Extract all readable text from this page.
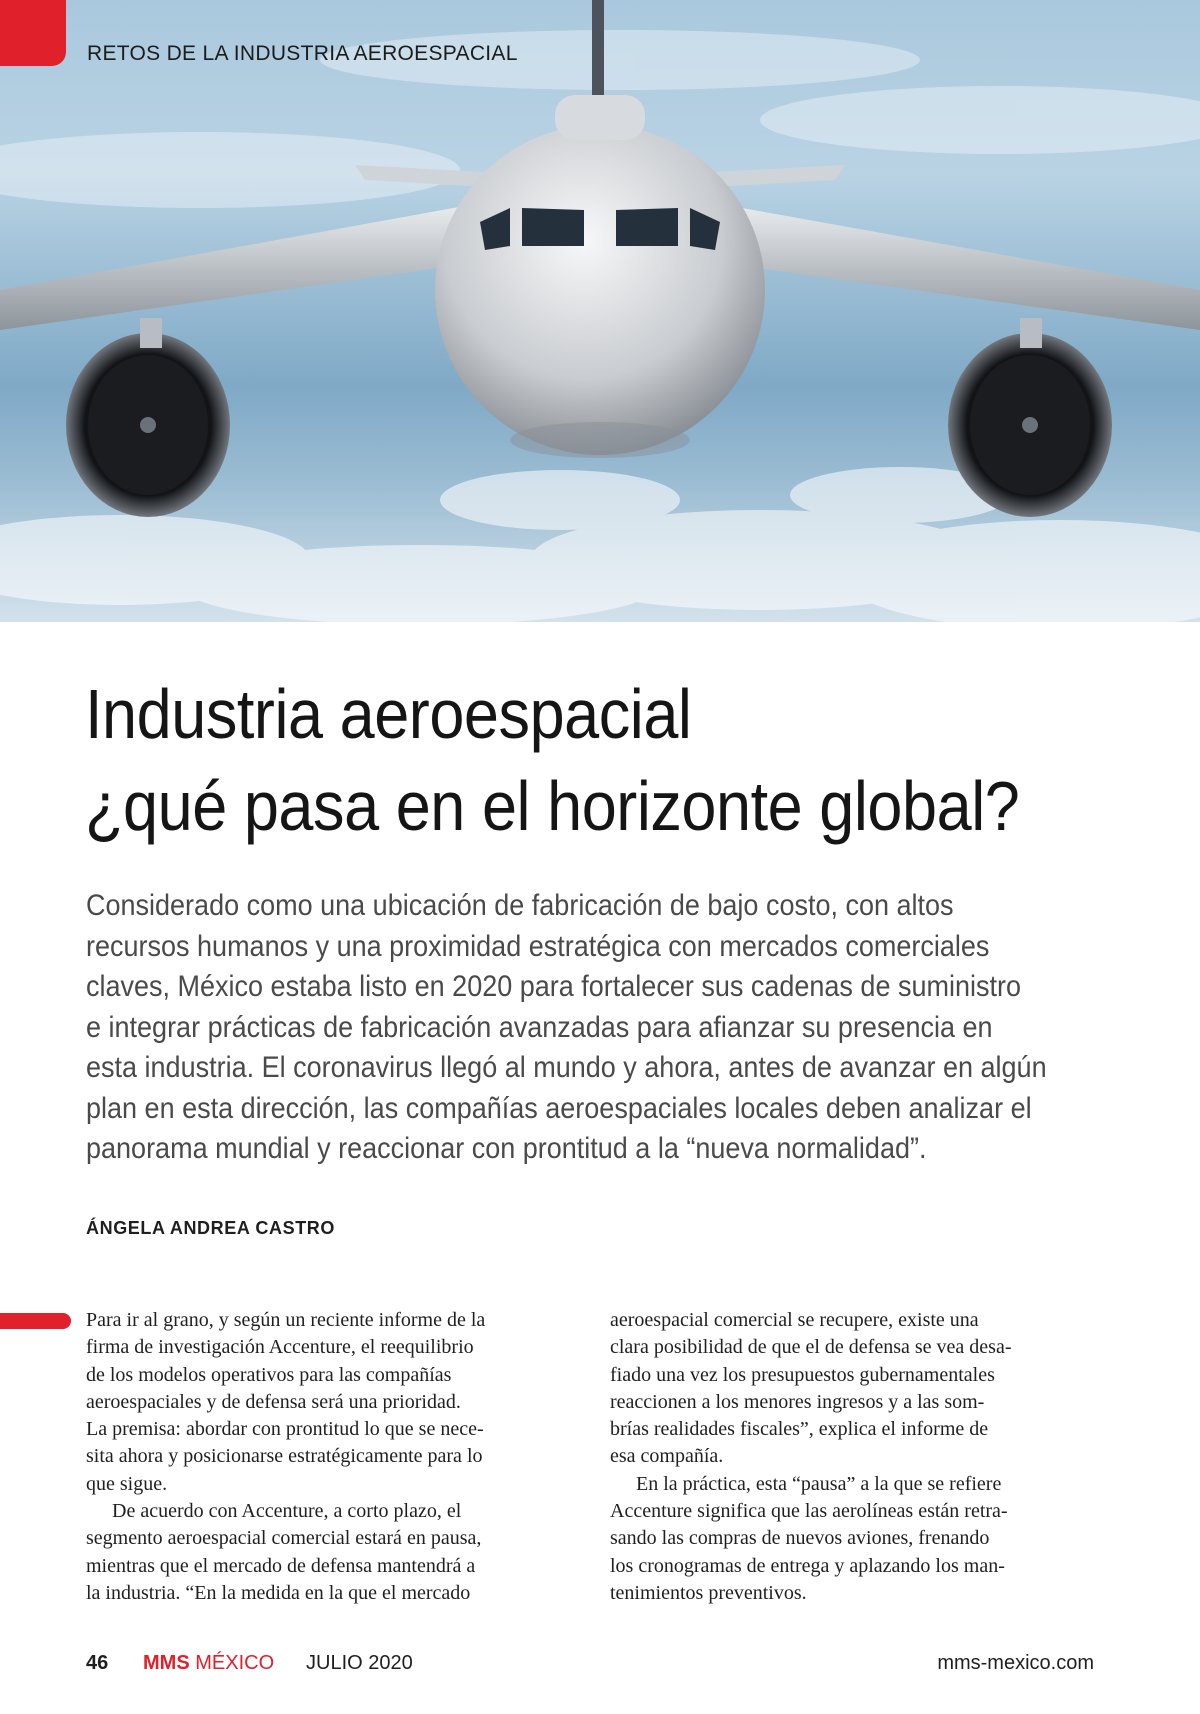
RETOS DE LA INDUSTRIA AEROESPACIAL
Industria aeroespacial
¿qué pasa en el horizonte global?

Considerado como una ubicación de fabricación de bajo costo, con altos
recursos humanos y una proximidad estratégica con mercados comerciales
claves, México estaba listo en 2020 para fortalecer sus cadenas de suministro
e integrar prácticas de fabricación avanzadas para afianzar su presencia en
esta industria. El coronavirus llegó al mundo y ahora, antes de avanzar en algún
plan en esta dirección, las compañías aeroespaciales locales deben analizar el
panorama mundial y reaccionar con prontitud a la “nueva normalidad”.

ÁNGELA ANDREA CASTRO
Para ir al grano, y según un reciente informe de la
firma de investigación Accenture, el reequilibrio
de los modelos operativos para las compañías
aeroespaciales y de defensa será una prioridad.
La premisa: abordar con prontitud lo que se nece-
sita ahora y posicionarse estratégicamente para lo
que sigue.
De acuerdo con Accenture, a corto plazo, el
segmento aeroespacial comercial estará en pausa,
mientras que el mercado de defensa mantendrá a
la industria. “En la medida en la que el mercado
aeroespacial comercial se recupere, existe una
clara posibilidad de que el de defensa se vea desa-
fiado una vez los presupuestos gubernamentales
reaccionen a los menores ingresos y a las som-
brías realidades fiscales”, explica el informe de
esa compañía.
En la práctica, esta “pausa” a la que se refiere
Accenture significa que las aerolíneas están retra-
sando las compras de nuevos aviones, frenando
los cronogramas de entrega y aplazando los man-
tenimientos preventivos.
46 MMS MÉXICO JULIO 2020	mms-mexico.com
